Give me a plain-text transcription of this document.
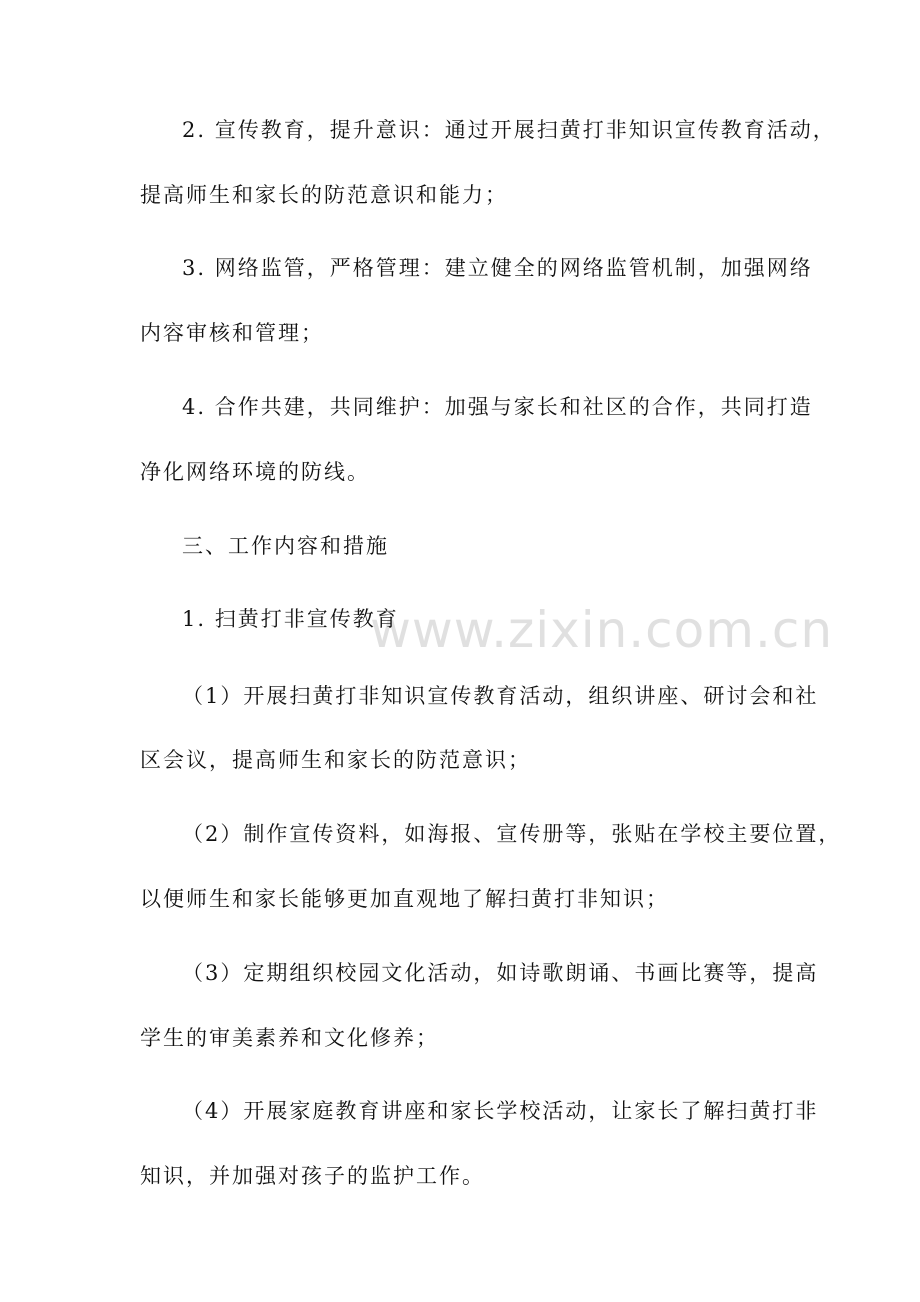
www.zixin.com.cn
2. 宣传教育，提升意识：通过开展扫黄打非知识宣传教育活动，
提高师生和家长的防范意识和能力；
3. 网络监管，严格管理：建立健全的网络监管机制，加强网络
内容审核和管理；
4. 合作共建，共同维护：加强与家长和社区的合作，共同打造
净化网络环境的防线。
三、工作内容和措施
1. 扫黄打非宣传教育
（1）开展扫黄打非知识宣传教育活动，组织讲座、研讨会和社
区会议，提高师生和家长的防范意识；
（2）制作宣传资料，如海报、宣传册等，张贴在学校主要位置，
以便师生和家长能够更加直观地了解扫黄打非知识；
（3）定期组织校园文化活动，如诗歌朗诵、书画比赛等，提高
学生的审美素养和文化修养；
（4）开展家庭教育讲座和家长学校活动，让家长了解扫黄打非
知识，并加强对孩子的监护工作。
